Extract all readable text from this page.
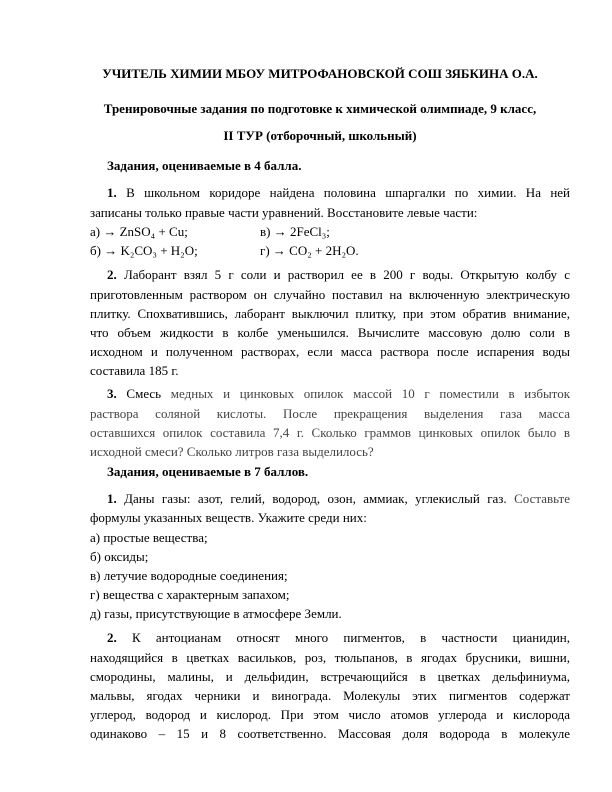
УЧИТЕЛЬ ХИМИИ МБОУ МИТРОФАНОВСКОЙ СОШ ЗЯБКИНА О.А.
Тренировочные задания по подготовке к химической олимпиаде, 9 класс,
II ТУР (отборочный, школьный)
Задания, оцениваемые в 4 балла.
1. В школьном коридоре найдена половина шпаргалки по химии. На ней
записаны только правые части уравнений. Восстановите левые части:
а) → ZnSO₄ + Cu;	в) → 2FeCl₃;
б) → K₂CO₃ + H₂O;	г) → CO₂ + 2H₂O.
2. Лаборант взял 5 г соли и растворил ее в 200 г воды. Открытую колбу с
приготовленным раствором он случайно поставил на включенную электрическую
плитку. Спохватившись, лаборант выключил плитку, при этом обратив внимание,
что объем жидкости в колбе уменьшился. Вычислите массовую долю соли в
исходном и полученном растворах, если масса раствора после испарения воды
составила 185 г.
3. Смесь медных и цинковых опилок массой 10 г поместили в избыток
раствора соляной кислоты. После прекращения выделения газа масса
оставшихся опилок составила 7,4 г. Сколько граммов цинковых опилок было в
исходной смеси? Сколько литров газа выделилось?
Задания, оцениваемые в 7 баллов.
1. Даны газы: азот, гелий, водород, озон, аммиак, углекислый газ. Составьте
формулы указанных веществ. Укажите среди них:
а) простые вещества;
б) оксиды;
в) летучие водородные соединения;
г) вещества с характерным запахом;
д) газы, присутствующие в атмосфере Земли.
2. К антоцианам относят много пигментов, в частности цианидин,
находящийся в цветках васильков, роз, тюльпанов, в ягодах брусники, вишни,
смородины, малины, и дельфидин, встречающийся в цветках дельфиниума,
мальвы, ягодах черники и винограда. Молекулы этих пигментов содержат
углерод, водород и кислород. При этом число атомов углерода и кислорода
одинаково – 15 и 8 соответственно. Массовая доля водорода в молекуле
